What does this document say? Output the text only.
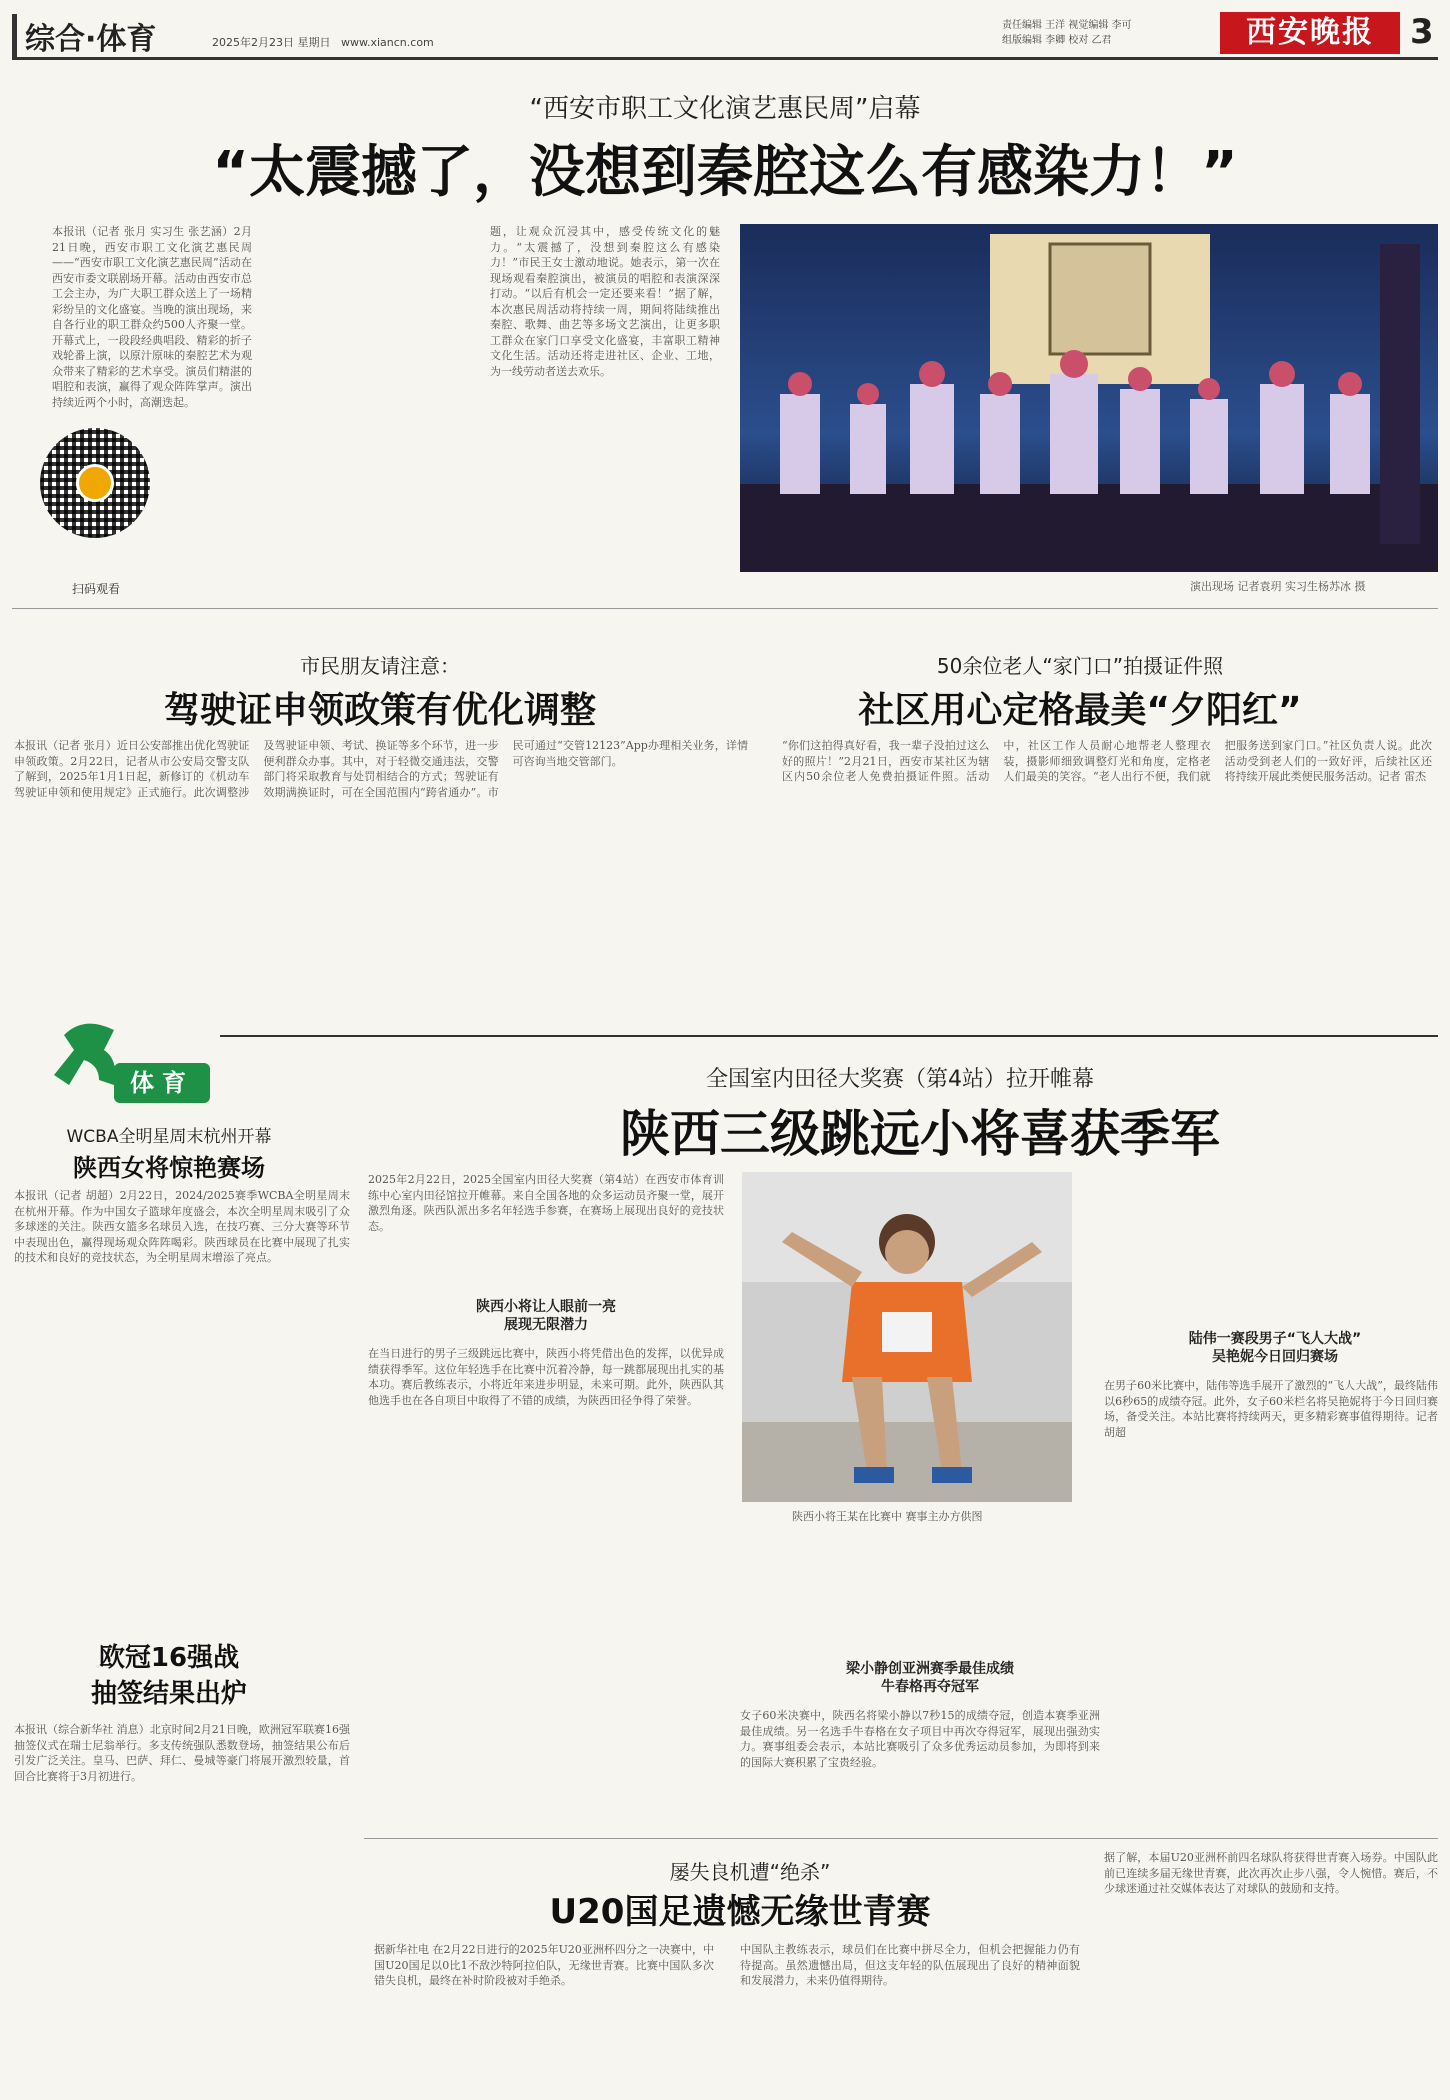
综合·体育	2025年2月23日 星期日 www.xiancn.com
责任编辑 王洋 视觉编辑 李可
组版编辑 李卿 校对 乙君	西安晚报	3
“西安市职工文化演艺惠民周”启幕
“太震撼了，没想到秦腔这么有感染力！”
本报讯（记者 张月 实习生 张艺涵）2月21日晚，西安市职工文化演艺惠民周——“西安市职工文化演艺惠民周”活动在西安市委文联剧场开幕。活动由西安市总工会主办，为广大职工群众送上了一场精彩纷呈的文化盛宴。当晚的演出现场，来自各行业的职工群众约500人齐聚一堂。开幕式上，一段段经典唱段、精彩的折子戏轮番上演，以原汁原味的秦腔艺术为观众带来了精彩的艺术享受。演员们精湛的唱腔和表演，赢得了观众阵阵掌声。演出持续近两个小时，高潮迭起。
扫码观看
题，让观众沉浸其中，感受传统文化的魅力。“太震撼了，没想到秦腔这么有感染力！”市民王女士激动地说。她表示，第一次在现场观看秦腔演出，被演员的唱腔和表演深深打动。“以后有机会一定还要来看！”据了解，本次惠民周活动将持续一周，期间将陆续推出秦腔、歌舞、曲艺等多场文艺演出，让更多职工群众在家门口享受文化盛宴，丰富职工精神文化生活。活动还将走进社区、企业、工地，为一线劳动者送去欢乐。
演出现场 记者袁玥 实习生杨苏冰 摄
市民朋友请注意：
驾驶证申领政策有优化调整
本报讯（记者 张月）近日公安部推出优化驾驶证申领政策。2月22日，记者从市公安局交警支队了解到，2025年1月1日起，新修订的《机动车驾驶证申领和使用规定》正式施行。此次调整涉及驾驶证申领、考试、换证等多个环节，进一步便利群众办事。其中，对于轻微交通违法，交警部门将采取教育与处罚相结合的方式；驾驶证有效期满换证时，可在全国范围内“跨省通办”。市民可通过“交管12123”App办理相关业务，详情可咨询当地交管部门。
50余位老人“家门口”拍摄证件照
社区用心定格最美“夕阳红”
“你们这拍得真好看，我一辈子没拍过这么好的照片！”2月21日，西安市某社区为辖区内50余位老人免费拍摄证件照。活动中，社区工作人员耐心地帮老人整理衣装，摄影师细致调整灯光和角度，定格老人们最美的笑容。“老人出行不便，我们就把服务送到家门口。”社区负责人说。此次活动受到老人们的一致好评，后续社区还将持续开展此类便民服务活动。记者 雷杰
体育	全国室内田径大奖赛（第4站）拉开帷幕
陕西三级跳远小将喜获季军
WCBA全明星周末杭州开幕
陕西女将惊艳赛场
本报讯（记者 胡超）2月22日，2024/2025赛季WCBA全明星周末在杭州开幕。作为中国女子篮球年度盛会，本次全明星周末吸引了众多球迷的关注。陕西女篮多名球员入选，在技巧赛、三分大赛等环节中表现出色，赢得现场观众阵阵喝彩。陕西球员在比赛中展现了扎实的技术和良好的竞技状态，为全明星周末增添了亮点。
欧冠16强战
抽签结果出炉
本报讯（综合新华社 消息）北京时间2月21日晚，欧洲冠军联赛16强抽签仪式在瑞士尼翁举行。多支传统强队悉数登场，抽签结果公布后引发广泛关注。皇马、巴萨、拜仁、曼城等豪门将展开激烈较量，首回合比赛将于3月初进行。
2025年2月22日，2025全国室内田径大奖赛（第4站）在西安市体育训练中心室内田径馆拉开帷幕。来自全国各地的众多运动员齐聚一堂，展开激烈角逐。陕西队派出多名年轻选手参赛，在赛场上展现出良好的竞技状态。
陕西小将让人眼前一亮
展现无限潜力
在当日进行的男子三级跳远比赛中，陕西小将凭借出色的发挥，以优异成绩获得季军。这位年轻选手在比赛中沉着冷静，每一跳都展现出扎实的基本功。赛后教练表示，小将近年来进步明显，未来可期。此外，陕西队其他选手也在各自项目中取得了不错的成绩，为陕西田径争得了荣誉。
陕西小将王某在比赛中 赛事主办方供图
梁小静创亚洲赛季最佳成绩
牛春格再夺冠军
女子60米决赛中，陕西名将梁小静以7秒15的成绩夺冠，创造本赛季亚洲最佳成绩。另一名选手牛春格在女子项目中再次夺得冠军，展现出强劲实力。赛事组委会表示，本站比赛吸引了众多优秀运动员参加，为即将到来的国际大赛积累了宝贵经验。
陆伟一赛段男子“飞人大战”
吴艳妮今日回归赛场
在男子60米比赛中，陆伟等选手展开了激烈的“飞人大战”，最终陆伟以6秒65的成绩夺冠。此外，女子60米栏名将吴艳妮将于今日回归赛场，备受关注。本站比赛将持续两天，更多精彩赛事值得期待。记者 胡超
屡失良机遭“绝杀”
U20国足遗憾无缘世青赛
据新华社电 在2月22日进行的2025年U20亚洲杯四分之一决赛中，中国U20国足以0比1不敌沙特阿拉伯队，无缘世青赛。比赛中国队多次错失良机，最终在补时阶段被对手绝杀。
中国队主教练表示，球员们在比赛中拼尽全力，但机会把握能力仍有待提高。虽然遗憾出局，但这支年轻的队伍展现出了良好的精神面貌和发展潜力，未来仍值得期待。
据了解，本届U20亚洲杯前四名球队将获得世青赛入场券。中国队此前已连续多届无缘世青赛，此次再次止步八强，令人惋惜。赛后，不少球迷通过社交媒体表达了对球队的鼓励和支持。
